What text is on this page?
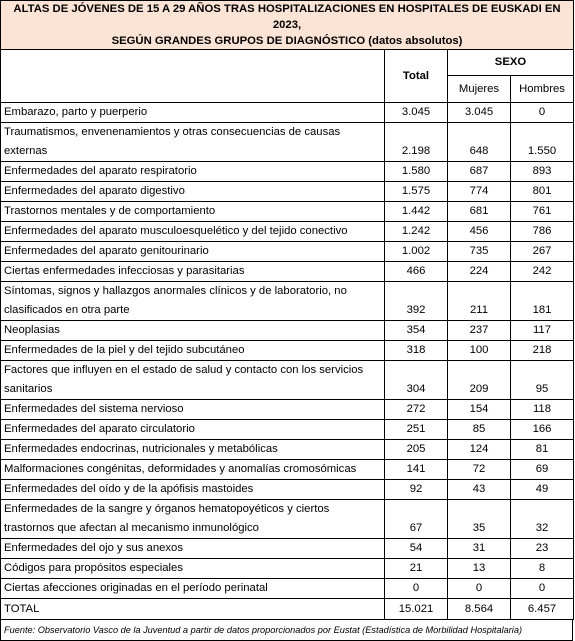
ALTAS DE JÓVENES DE 15 A 29 AÑOS TRAS HOSPITALIZACIONES EN HOSPITALES DE EUSKADI EN 2023,
SEGÚN GRANDES GRUPOS DE DIAGNÓSTICO (datos absolutos)			

	Total	SEXO	
		Mujeres	Hombres
Embarazo, parto y puerperio	3.045	3.045	0
Traumatismos, envenenamientos y otras consecuencias de causas externas	2.198	648	1.550
Enfermedades del aparato respiratorio	1.580	687	893
Enfermedades del aparato digestivo	1.575	774	801
Trastornos mentales y de comportamiento	1.442	681	761
Enfermedades del aparato musculoesquelético y del tejido conectivo	1.242	456	786
Enfermedades del aparato genitourinario	1.002	735	267
Ciertas enfermedades infecciosas y parasitarias	466	224	242
Síntomas, signos y hallazgos anormales clínicos y de laboratorio, no clasificados en otra parte	392	211	181
Neoplasias	354	237	117
Enfermedades de la piel y del tejido subcutáneo	318	100	218
Factores que influyen en el estado de salud y contacto con los servicios sanitarios	304	209	95
Enfermedades del sistema nervioso	272	154	118
Enfermedades del aparato circulatorio	251	85	166
Enfermedades endocrinas, nutricionales y metabólicas	205	124	81
Malformaciones congénitas, deformidades y anomalías cromosómicas	141	72	69
Enfermedades del oído y de la apófisis mastoides	92	43	49
Enfermedades de la sangre y órganos hematopoyéticos y ciertos trastornos que afectan al mecanismo inmunológico	67	35	32
Enfermedades del ojo y sus anexos	54	31	23
Códigos para propósitos especiales	21	13	8
Ciertas afecciones originadas en el período perinatal	0	0	0
TOTAL	15.021	8.564	6.457
Fuente: Observatorio Vasco de la Juventud a partir de datos proporcionados por Eustat (Estadística de Morbilidad Hospitalaria)
